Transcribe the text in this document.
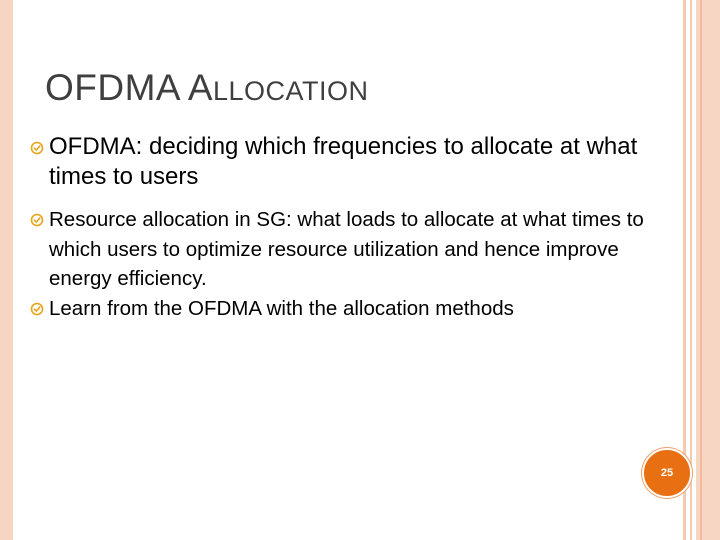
OFDMA ALLOCATION
OFDMA: deciding which frequencies to allocate at what times to users
Resource allocation in SG: what loads to allocate at what times to which users to optimize resource utilization and hence improve energy efficiency.
Learn from the OFDMA with the allocation methods
25
